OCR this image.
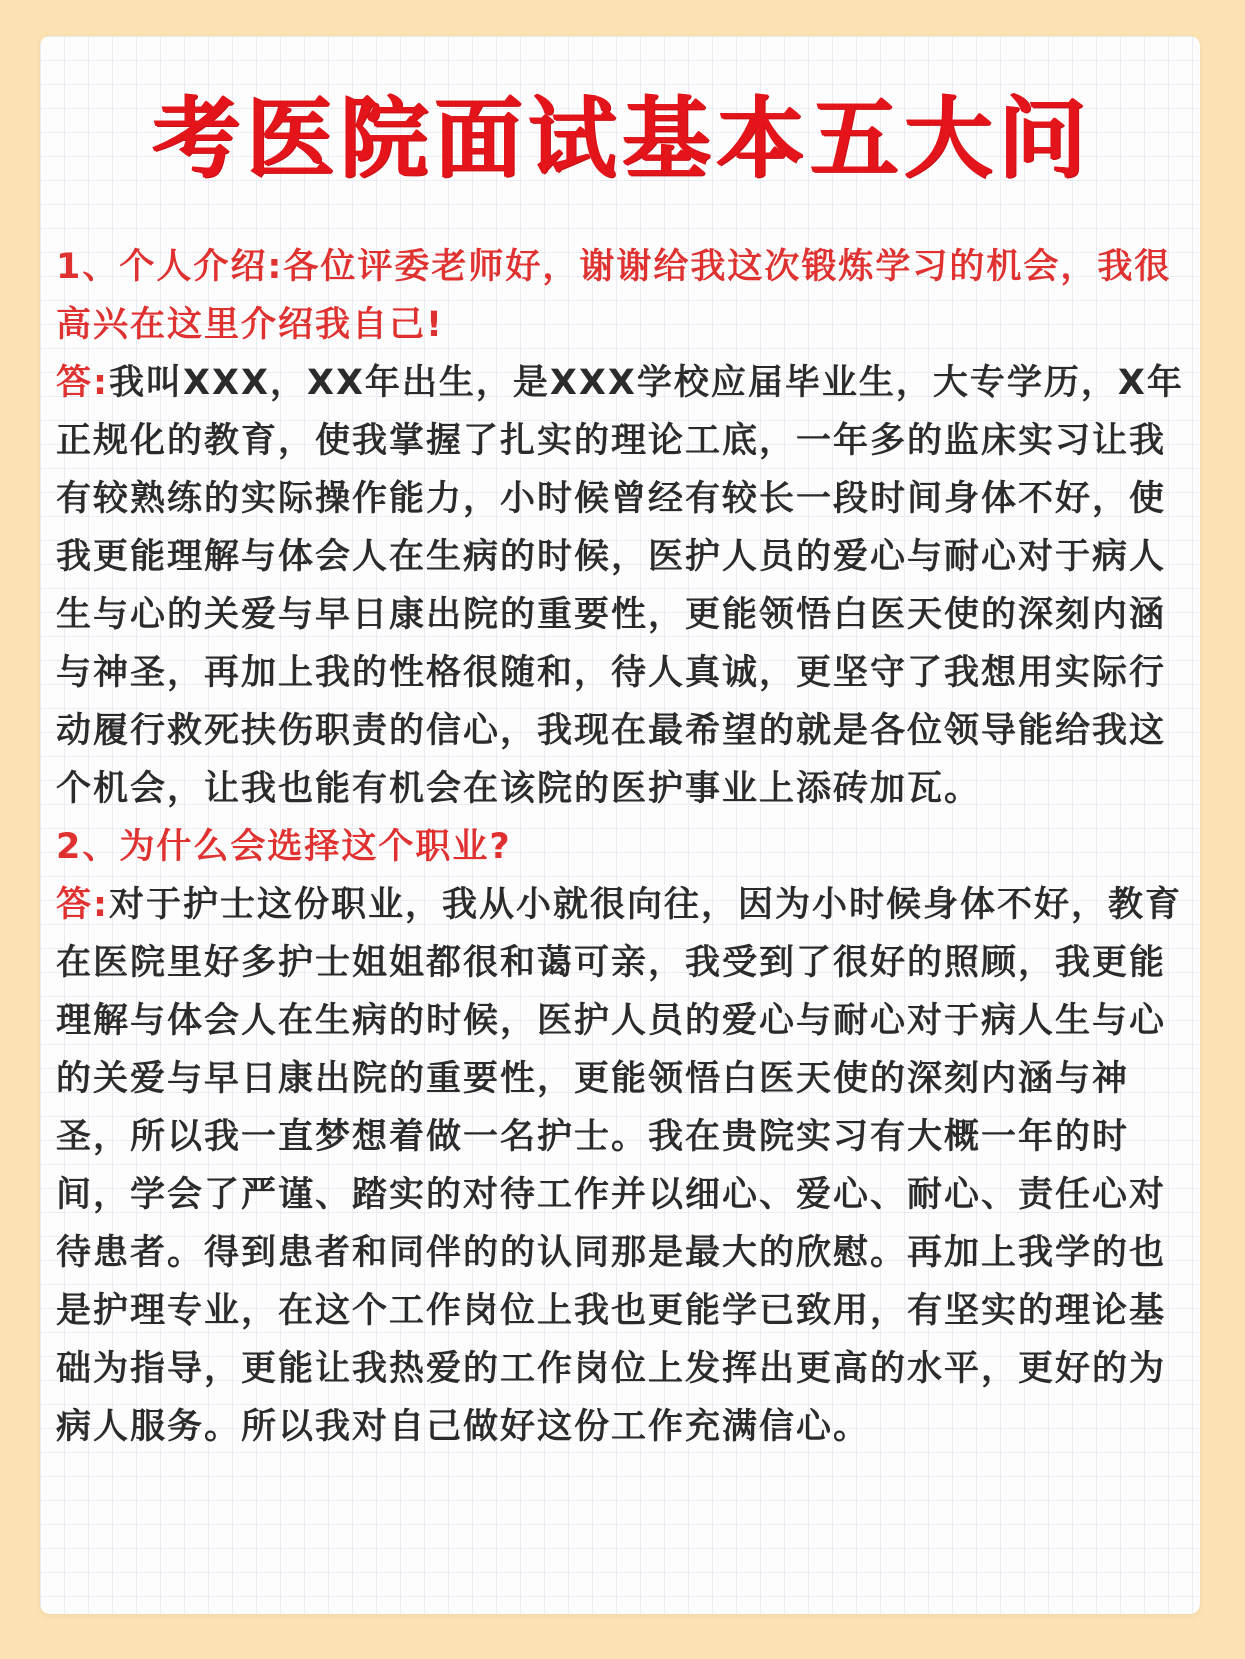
考医院面试基本五大问

1、个人介绍:各位评委老师好，谢谢给我这次锻炼学习的机会，我很高兴在这里介绍我自己!

答:我叫XXX，XX年出生，是XXX学校应届毕业生，大专学历，X年正规化的教育，使我掌握了扎实的理论工底，一年多的监床实习让我有较熟练的实际操作能力，小时候曾经有较长一段时间身体不好，使我更能理解与体会人在生病的时候，医护人员的爱心与耐心对于病人生与心的关爱与早日康出院的重要性，更能领悟白医天使的深刻内涵与神圣，再加上我的性格很随和，待人真诚，更坚守了我想用实际行动履行救死扶伤职责的信心，我现在最希望的就是各位领导能给我这个机会，让我也能有机会在该院的医护事业上添砖加瓦。

2、为什么会选择这个职业?

答:对于护士这份职业，我从小就很向往，因为小时候身体不好，教育在医院里好多护士姐姐都很和蔼可亲，我受到了很好的照顾，我更能理解与体会人在生病的时候，医护人员的爱心与耐心对于病人生与心的关爱与早日康出院的重要性，更能领悟白医天使的深刻内涵与神圣，所以我一直梦想着做一名护士。我在贵院实习有大概一年的时间，学会了严谨、踏实的对待工作并以细心、爱心、耐心、责任心对待患者。得到患者和同伴的的认同那是最大的欣慰。再加上我学的也是护理专业，在这个工作岗位上我也更能学已致用，有坚实的理论基础为指导，更能让我热爱的工作岗位上发挥出更高的水平，更好的为病人服务。所以我对自己做好这份工作充满信心。
